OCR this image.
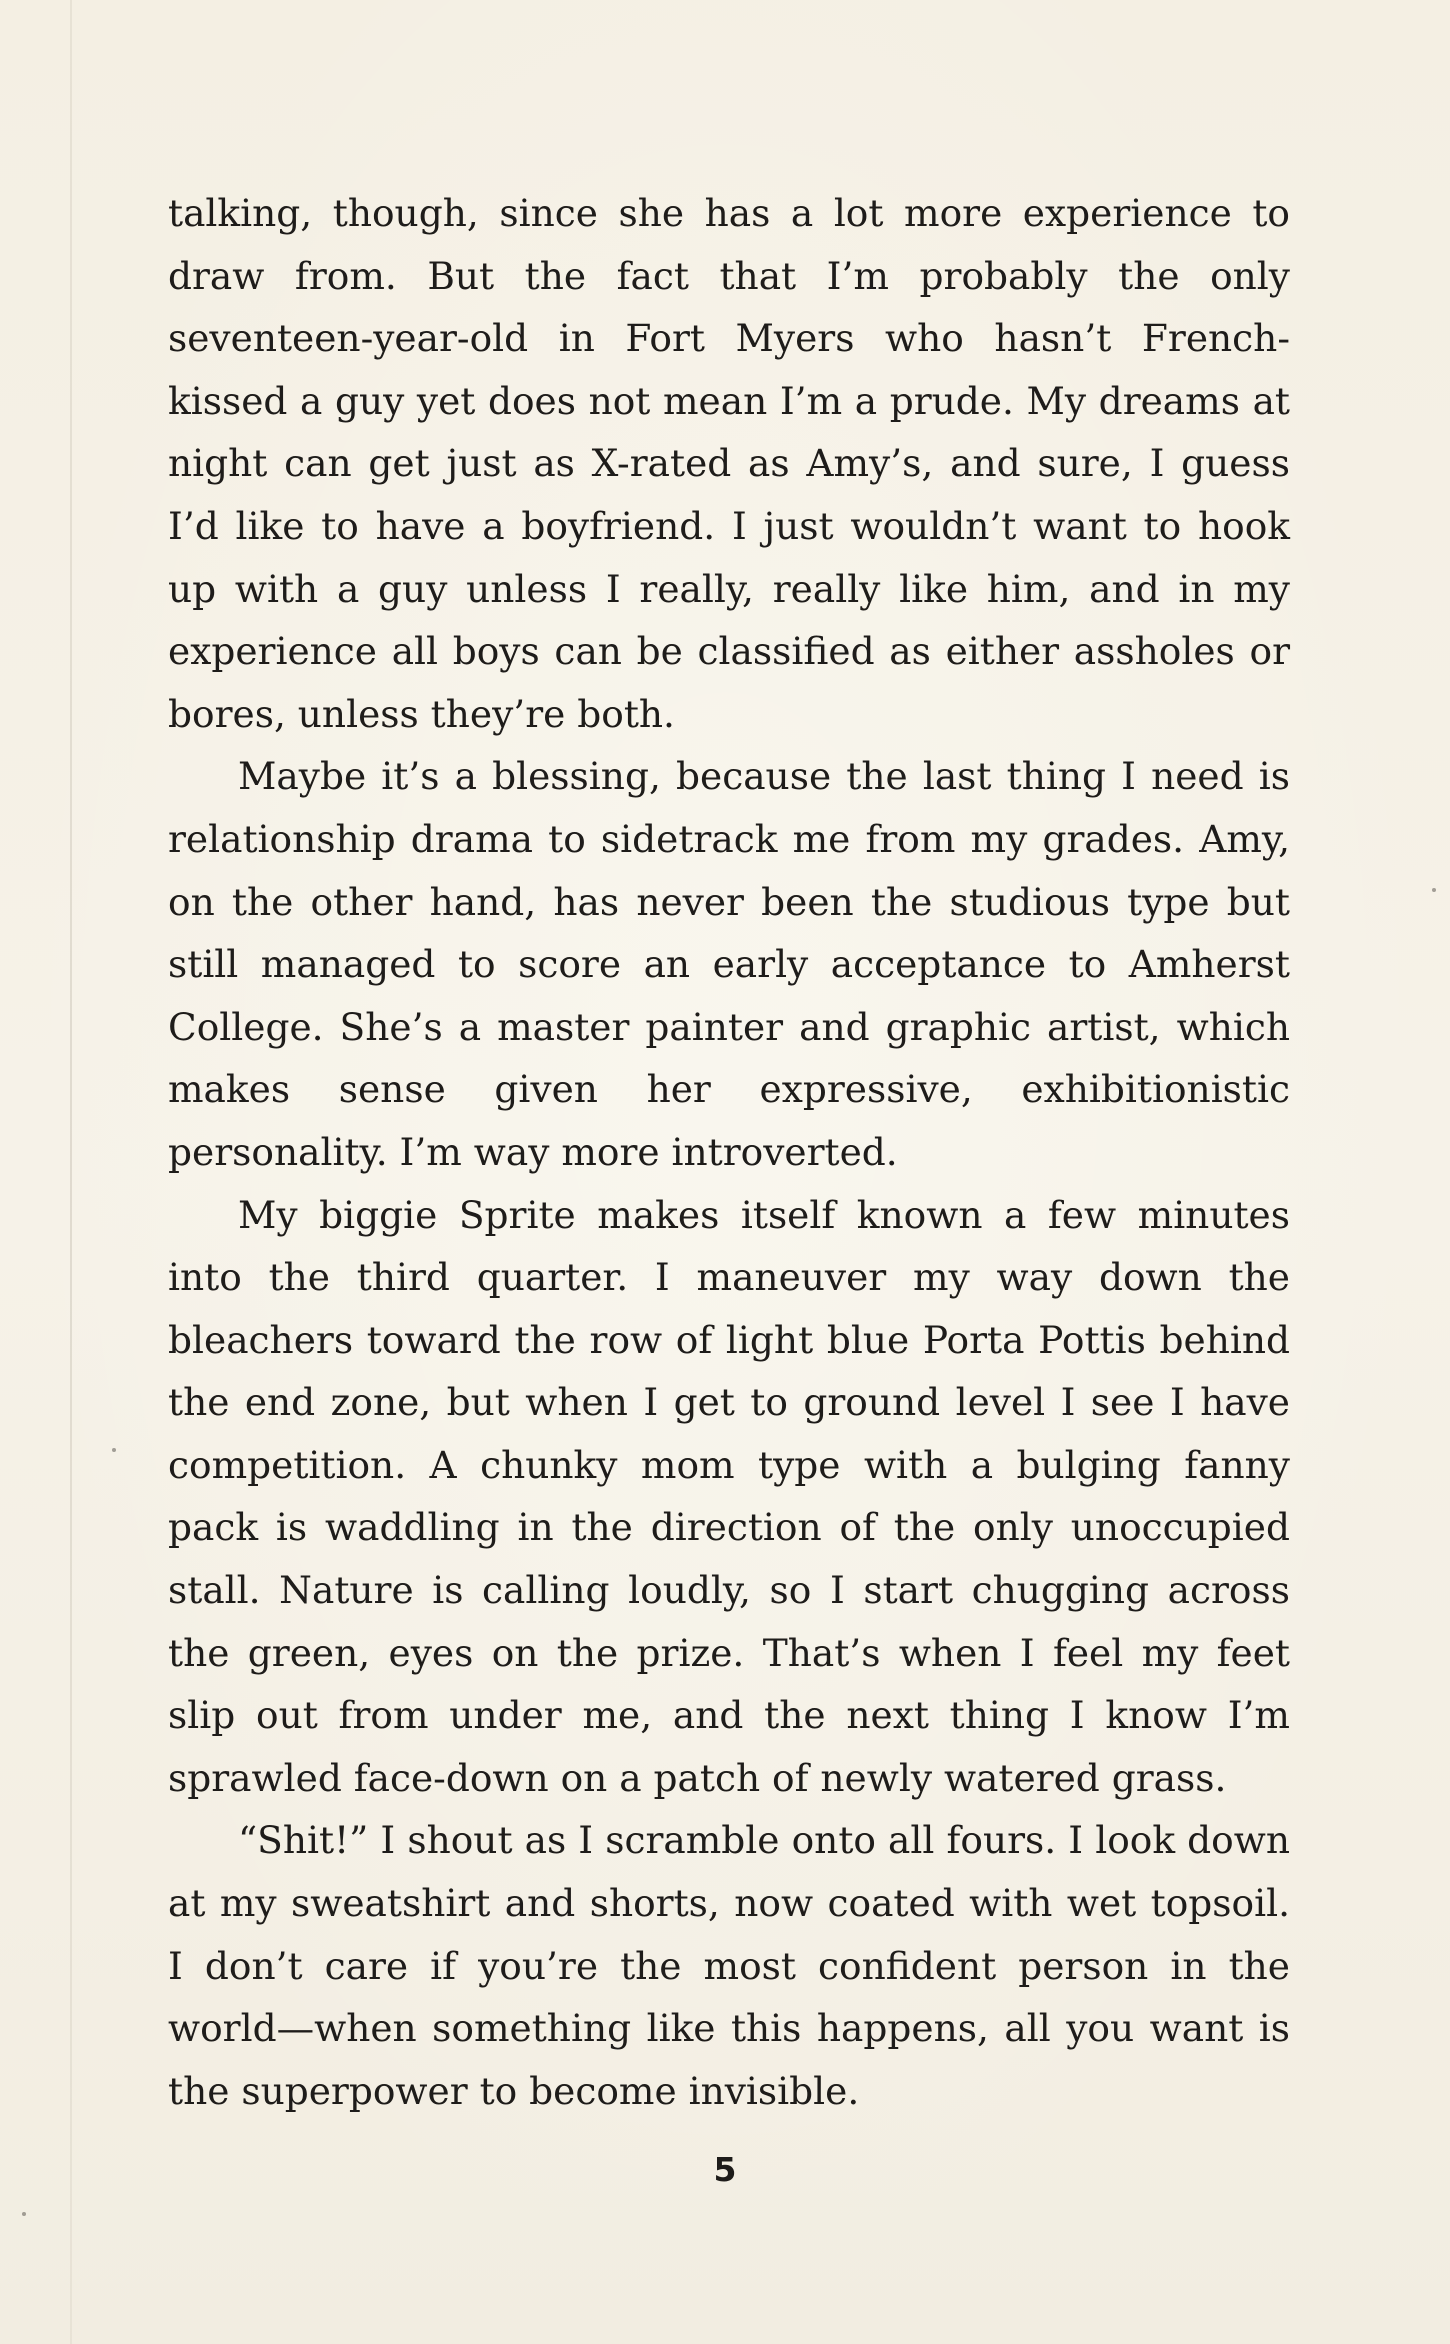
talking, though, since she has a lot more experience to draw from. But the fact that I’m probably the only seventeen-year-old in Fort Myers who hasn’t French-kissed a guy yet does not mean I’m a prude. My dreams at night can get just as X-rated as Amy’s, and sure, I guess I’d like to have a boyfriend. I just wouldn’t want to hook up with a guy unless I really, really like him, and in my experience all boys can be classified as either assholes or bores, unless they’re both.

Maybe it’s a blessing, because the last thing I need is relationship drama to sidetrack me from my grades. Amy, on the other hand, has never been the studious type but still managed to score an early acceptance to Amherst College. She’s a master painter and graphic artist, which makes sense given her expressive, exhibitionistic personality. I’m way more introverted.

My biggie Sprite makes itself known a few minutes into the third quarter. I maneuver my way down the bleachers toward the row of light blue Porta Pottis behind the end zone, but when I get to ground level I see I have competition. A chunky mom type with a bulging fanny pack is waddling in the direction of the only unoccupied stall. Nature is calling loudly, so I start chugging across the green, eyes on the prize. That’s when I feel my feet slip out from under me, and the next thing I know I’m sprawled face-down on a patch of newly watered grass.

“Shit!” I shout as I scramble onto all fours. I look down at my sweatshirt and shorts, now coated with wet topsoil. I don’t care if you’re the most confident person in the world—when something like this happens, all you want is the superpower to become invisible.

5
